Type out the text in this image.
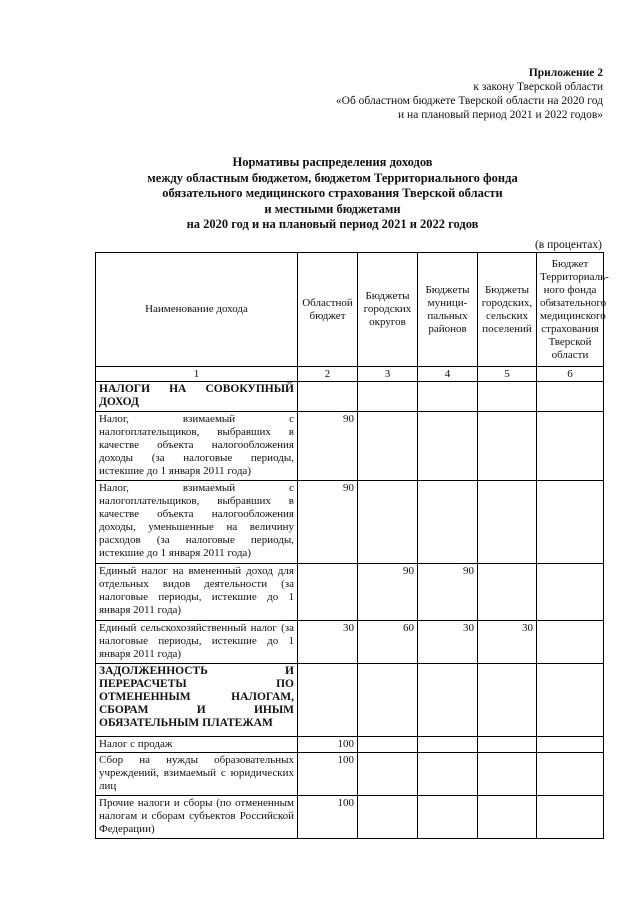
Приложение 2
к закону Тверской области
«Об областном бюджете Тверской области на 2020 год
и на плановый период 2021 и 2022 годов»
Нормативы распределения доходов
между областным бюджетом, бюджетом Территориального фонда
обязательного медицинского страхования Тверской области
и местными бюджетами
на 2020 год и на плановый период 2021 и 2022 годов
(в процентах)
Наименование дохода	Областной бюджет	Бюджеты городских округов	Бюджеты муници-пальных районов	Бюджеты городских, сельских поселений	Бюджет Территориаль-ного фонда обязательного медицинского страхования Тверской области
1	2	3	4	5	6
НАЛОГИ НА СОВОКУПНЫЙ ДОХОД					
Налог, взимаемый с налогоплательщиков, выбравших в качестве объекта налогообложения доходы (за налоговые периоды, истекшие до 1 января 2011 года)	90				
Налог, взимаемый с налогоплательщиков, выбравших в качестве объекта налогообложения доходы, уменьшенные на величину расходов (за налоговые периоды, истекшие до 1 января 2011 года)	90				
Единый налог на вмененный доход для отдельных видов деятельности (за налоговые периоды, истекшие до 1 января 2011 года)		90	90		
Единый сельскохозяйственный налог (за налоговые периоды, истекшие до 1 января 2011 года)	30	60	30	30	
ЗАДОЛЖЕННОСТЬ И ПЕРЕРАСЧЕТЫ ПО ОТМЕНЕННЫМ НАЛОГАМ, СБОРАМ И ИНЫМ ОБЯЗАТЕЛЬНЫМ ПЛАТЕЖАМ					
Налог с продаж	100				
Сбор на нужды образовательных учреждений, взимаемый с юридических лиц	100				
Прочие налоги и сборы (по отмененным налогам и сборам субъектов Российской Федерации)	100				
